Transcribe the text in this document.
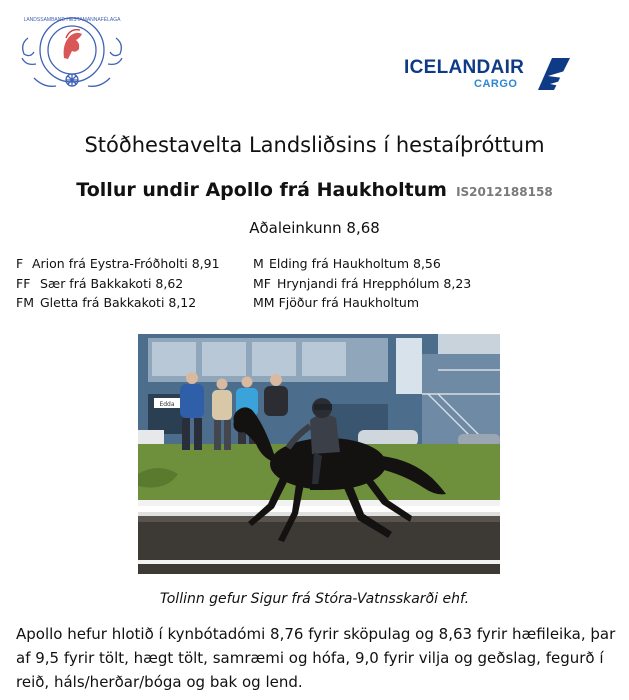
LANDSSAMBAND HESTAMANNAFÉLAGA
ICELANDAIR
CARGO
Stóðhestavelta Landsliðsins í hestaíþróttum
Tollur undir Apollo frá Haukholtum IS2012188158
Aðaleinkunn 8,68
F Arion frá Eystra-Fróðholti 8,91
FF Sær frá Bakkakoti 8,62
FM Gletta frá Bakkakoti 8,12
M Elding frá Haukholtum 8,56
MF Hrynjandi frá Hrepphólum 8,23
MM Fjöður frá Haukholtum
Edda
Tollinn gefur Sigur frá Stóra-Vatnsskarði ehf.

Apollo hefur hlotið í kynbótadómi 8,76 fyrir sköpulag og 8,63 fyrir hæfileika, þar af 9,5 fyrir tölt, hægt tölt, samræmi og hófa, 9,0 fyrir vilja og geðslag, fegurð í reið, háls/herðar/bóga og bak og lend.
